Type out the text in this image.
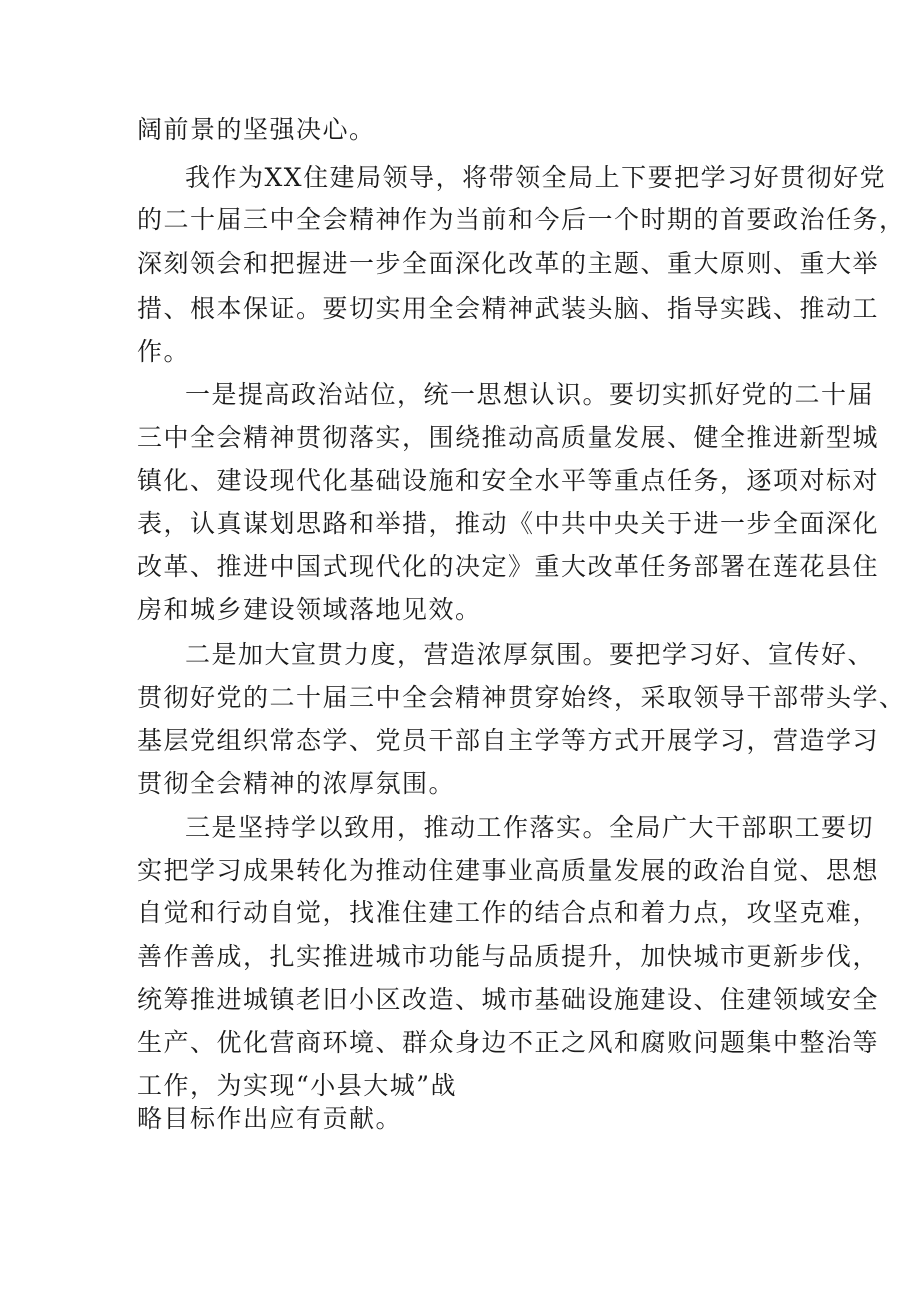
阔前景的坚强决心。
我作为XX住建局领导，将带领全局上下要把学习好贯彻好党
的二十届三中全会精神作为当前和今后一个时期的首要政治任务，
深刻领会和把握进一步全面深化改革的主题、重大原则、重大举
措、根本保证。要切实用全会精神武装头脑、指导实践、推动工
作。
一是提高政治站位，统一思想认识。要切实抓好党的二十届
三中全会精神贯彻落实，围绕推动高质量发展、健全推进新型城
镇化、建设现代化基础设施和安全水平等重点任务，逐项对标对
表，认真谋划思路和举措，推动《中共中央关于进一步全面深化
改革、推进中国式现代化的决定》重大改革任务部署在莲花县住
房和城乡建设领域落地见效。
二是加大宣贯力度，营造浓厚氛围。要把学习好、宣传好、
贯彻好党的二十届三中全会精神贯穿始终，采取领导干部带头学、
基层党组织常态学、党员干部自主学等方式开展学习，营造学习
贯彻全会精神的浓厚氛围。
三是坚持学以致用，推动工作落实。全局广大干部职工要切
实把学习成果转化为推动住建事业高质量发展的政治自觉、思想
自觉和行动自觉，找准住建工作的结合点和着力点，攻坚克难，
善作善成，扎实推进城市功能与品质提升，加快城市更新步伐，
统筹推进城镇老旧小区改造、城市基础设施建设、住建领域安全
生产、优化营商环境、群众身边不正之风和腐败问题集中整治等
工作，为实现“小县大城”战
略目标作出应有贡献。
